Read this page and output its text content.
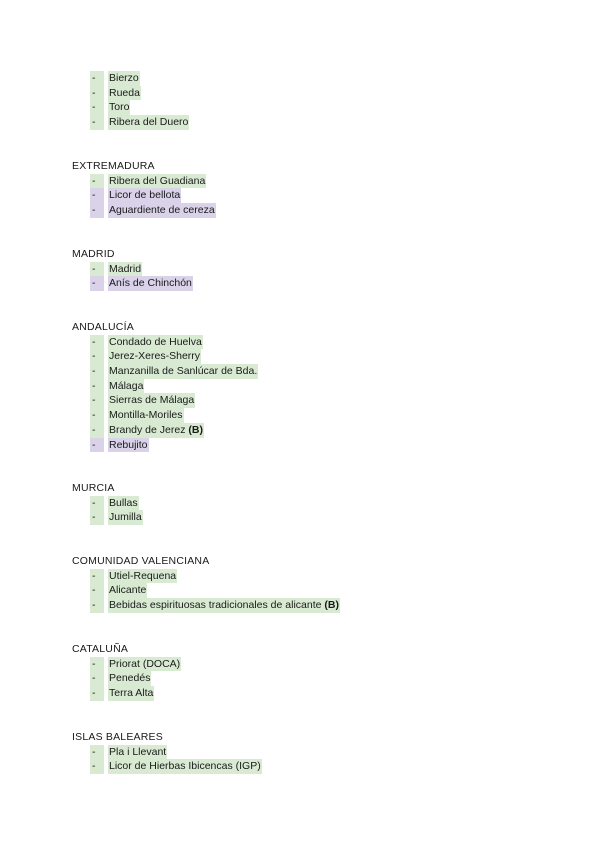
-	Bierzo
-	Rueda
-	Toro
-	Ribera del Duero
EXTREMADURA
-	Ribera del Guadiana
-	Licor de bellota
-	Aguardiente de cereza
MADRID
-	Madrid
-	Anís de Chinchón
ANDALUCÍA
-	Condado de Huelva
-	Jerez-Xeres-Sherry
-	Manzanilla de Sanlúcar de Bda.
-	Málaga
-	Sierras de Málaga
-	Montilla-Moriles
-	Brandy de Jerez (B)
-	Rebujito
MURCIA
-	Bullas
-	Jumilla
COMUNIDAD VALENCIANA
-	Utiel-Requena
-	Alicante
-	Bebidas espirituosas tradicionales de alicante (B)
CATALUÑA
-	Priorat (DOCA)
-	Penedés
-	Terra Alta
ISLAS BALEARES
-	Pla i Llevant
-	Licor de Hierbas Ibicencas (IGP)
